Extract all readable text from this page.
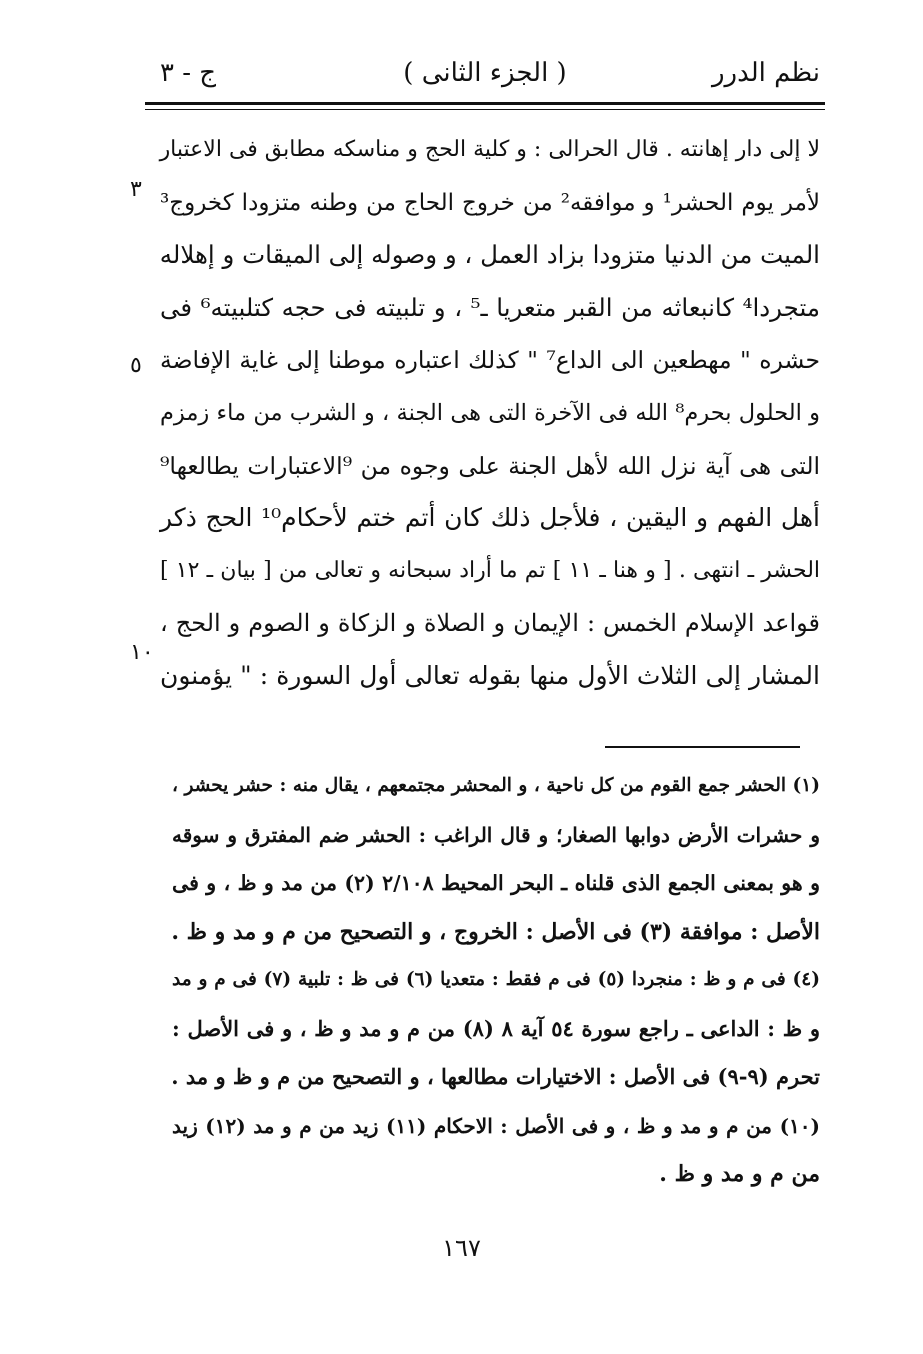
نظم الدرر
( الجزء الثانى )
ج - ٣
لا إلى دار إهانته . قال الحرالى : و كلية الحج و مناسكه مطابق فى الاعتبار
لأمر يوم الحشر¹ و موافقه² من خروج الحاج من وطنه متزودا كخروج³
الميت من الدنيا متزودا بزاد العمل ، و وصوله إلى الميقات و إهلاله
متجردا⁴ كانبعاثه من القبر متعريا ـ⁵ ، و تلبيته فى حجه كتلبيته⁶ فى
حشره " مهطعين الى الداع⁷ " كذلك اعتباره موطنا إلى غاية الإفاضة
و الحلول بحرم⁸ الله فى الآخرة التى هى الجنة ، و الشرب من ماء زمزم
التى هى آية نزل الله لأهل الجنة على وجوه من ⁹الاعتبارات يطالعها⁹
أهل الفهم و اليقين ، فلأجل ذلك كان أتم ختم لأحكام¹⁰ الحج ذكر
الحشر ـ انتهى . [ و هنا ـ ١١ ] تم ما أراد سبحانه و تعالى من [ بيان ـ ١٢ ]
قواعد الإسلام الخمس : الإيمان و الصلاة و الزكاة و الصوم و الحج ،
المشار إلى الثلاث الأول منها بقوله تعالى أول السورة : " يؤمنون
٣
٥
١٠
(١) الحشر جمع القوم من كل ناحية ، و المحشر مجتمعهم ، يقال منه : حشر يحشر ،
و حشرات الأرض دوابها الصغار؛ و قال الراغب : الحشر ضم المفترق و سوقه
و هو بمعنى الجمع الذى قلناه ـ البحر المحيط ٢/١٠٨ (٢) من مد و ظ ، و فى
الأصل : موافقة (٣) فى الأصل : الخروج ، و التصحيح من م و مد و ظ .
(٤) فى م و ظ : منجردا (٥) فى م فقط : متعديا (٦) فى ظ : تلبية (٧) فى م و مد
و ظ : الداعى ـ راجع سورة ٥٤ آية ٨ (٨) من م و مد و ظ ، و فى الأصل :
تحرم (٩-٩) فى الأصل : الاختيارات مطالعها ، و التصحيح من م و ظ و مد .
(١٠) من م و مد و ظ ، و فى الأصل : الاحكام (١١) زيد من م و مد (١٢) زيد
من م و مد و ظ .
١٦٧
